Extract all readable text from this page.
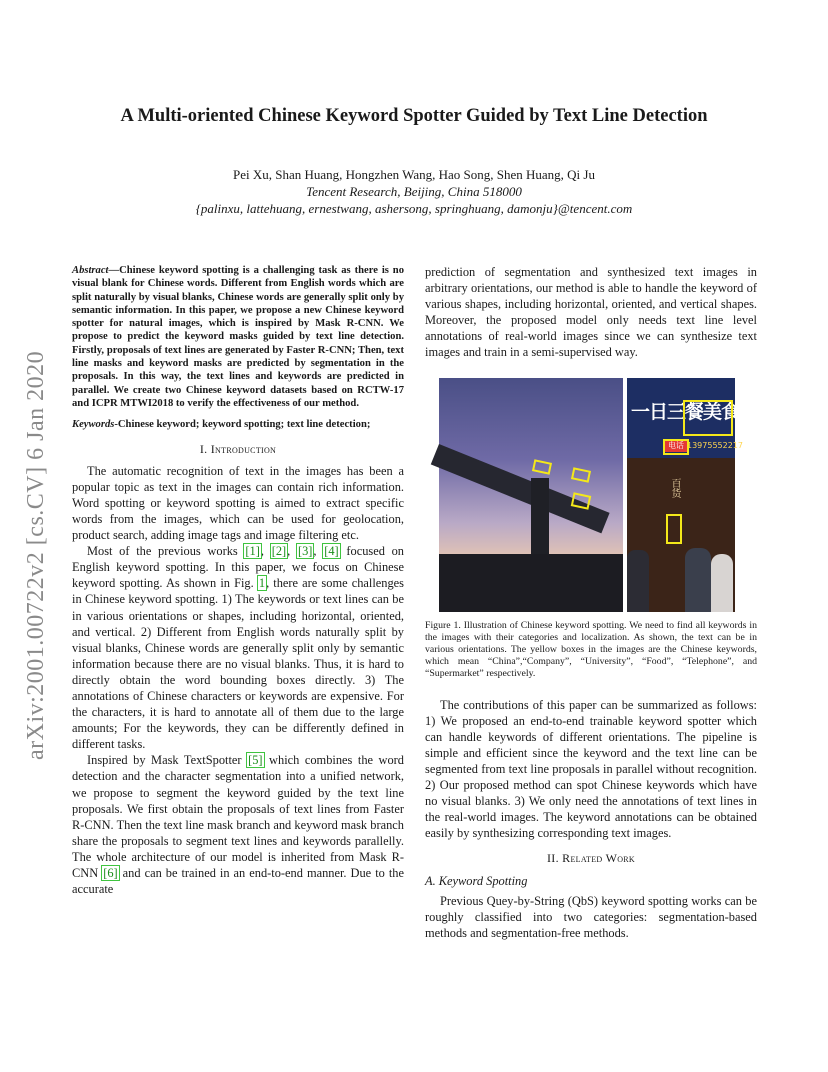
arXiv:2001.00722v2 [cs.CV] 6 Jan 2020
A Multi-oriented Chinese Keyword Spotter Guided by Text Line Detection
Pei Xu, Shan Huang, Hongzhen Wang, Hao Song, Shen Huang, Qi Ju
Tencent Research, Beijing, China 518000
{palinxu, lattehuang, ernestwang, ashersong, springhuang, damonju}@tencent.com

Abstract—Chinese keyword spotting is a challenging task as there is no visual blank for Chinese words. Different from English words which are split naturally by visual blanks, Chinese words are generally split only by semantic information. In this paper, we propose a new Chinese keyword spotter for natural images, which is inspired by Mask R-CNN. We propose to predict the keyword masks guided by text line detection. Firstly, proposals of text lines are generated by Faster R-CNN; Then, text line masks and keyword masks are predicted by segmentation in the proposals. In this way, the text lines and keywords are predicted in parallel. We create two Chinese keyword datasets based on RCTW-17 and ICPR MTWI2018 to verify the effectiveness of our method.

Keywords-Chinese keyword; keyword spotting; text line detection;

I. Introduction

The automatic recognition of text in the images has been a popular topic as text in the images can contain rich information. Word spotting or keyword spotting is aimed to extract specific words from the images, which can be used for geolocation, product search, adding image tags and image filtering etc.

Most of the previous works [1], [2], [3], [4] focused on English keyword spotting. In this paper, we focus on Chinese keyword spotting. As shown in Fig. 1, there are some challenges in Chinese keyword spotting. 1) The keywords or text lines can be in various orientations or shapes, including horizontal, oriented, and vertical. 2) Different from English words naturally split by visual blanks, Chinese words are generally split only by semantic information because there are no visual blanks. Thus, it is hard to directly obtain the word bounding boxes directly. 3) The annotations of Chinese characters or keywords are expensive. For the characters, it is hard to annotate all of them due to the large amounts; For the keywords, they can be differently defined in different tasks.

Inspired by Mask TextSpotter [5] which combines the word detection and the character segmentation into a unified network, we propose to segment the keyword guided by the text line proposals. We first obtain the proposals of text lines from Faster R-CNN. Then the text line mask branch and keyword mask branch share the proposals to segment text lines and keywords parallelly. The whole architecture of our model is inherited from Mask R-CNN [6] and can be trained in an end-to-end manner. Due to the accurate

prediction of segmentation and synthesized text images in arbitrary orientations, our method is able to handle the keyword of various shapes, including horizontal, oriented, and vertical shapes. Moreover, the proposed model only needs text line level annotations of real-world images since we can synthesize text images and train in a semi-supervised way.

一日三餐美食
电话 13975552217
百货

Figure 1. Illustration of Chinese keyword spotting. We need to find all keywords in the images with their categories and localization. As shown, the text can be in various orientations. The yellow boxes in the images are the Chinese keywords, which mean “China”,“Company”, “University”, “Food”, “Telephone”, and “Supermarket” respectively.

The contributions of this paper can be summarized as follows: 1) We proposed an end-to-end trainable keyword spotter which can handle keywords of different orientations. The pipeline is simple and efficient since the keyword and the text line can be segmented from text line proposals in parallel without recognition. 2) Our proposed method can spot Chinese keywords which have no visual blanks. 3) We only need the annotations of text lines in the real-world images. The keyword annotations can be obtained easily by synthesizing corresponding text images.

II. Related Work
A. Keyword Spotting

Previous Quey-by-String (QbS) keyword spotting works can be roughly classified into two categories: segmentation-based methods and segmentation-free methods.
